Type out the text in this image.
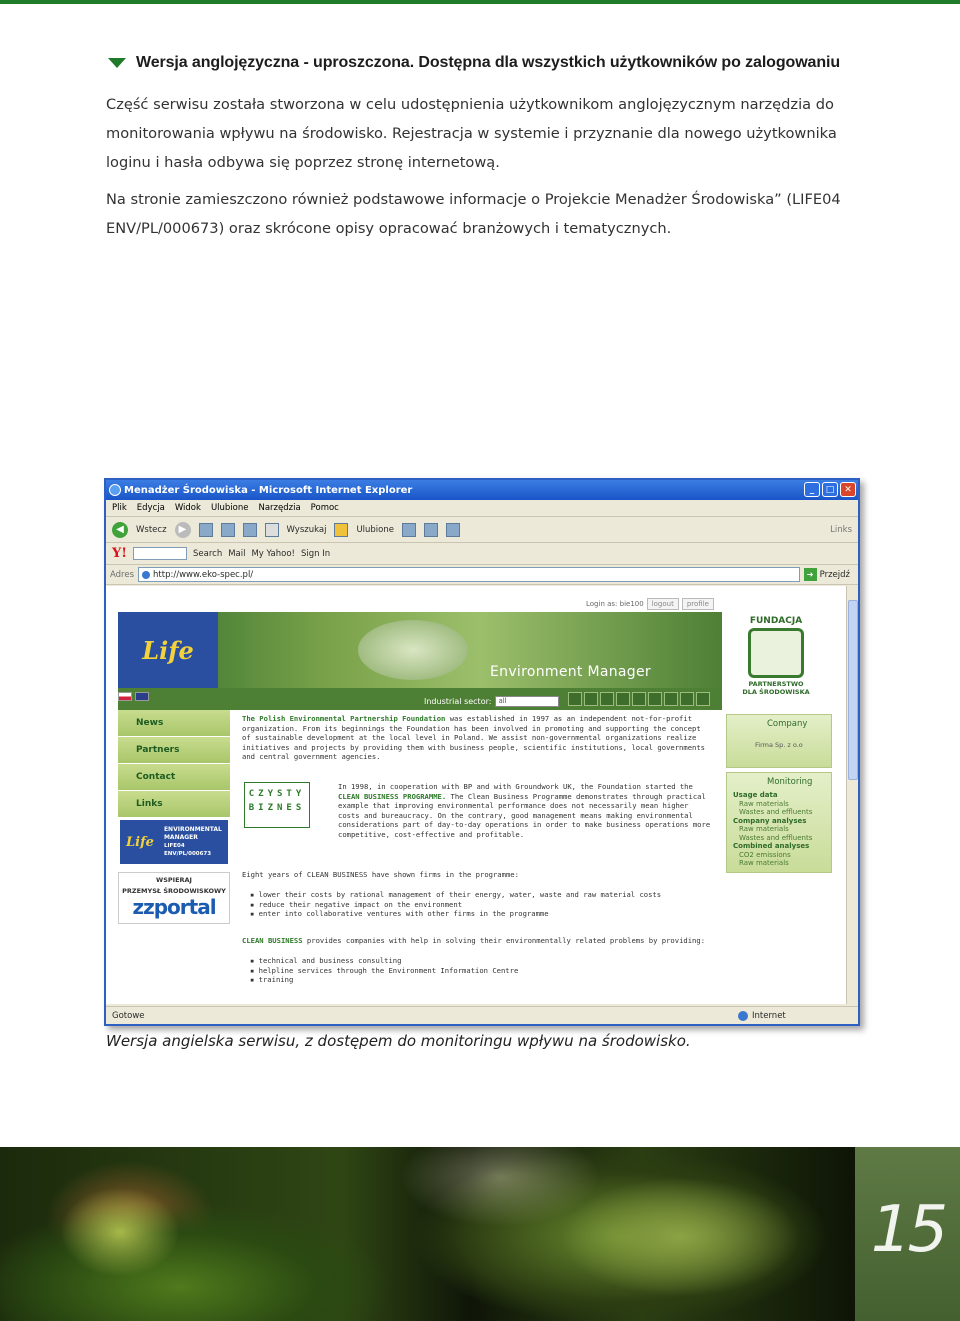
Wersja anglojęzyczna - uproszczona. Dostępna dla wszystkich użytkowników po zalogowaniu

Część serwisu została stworzona w celu udostępnienia użytkownikom anglojęzycznym narzędzia do monitorowania wpływu na środowisko. Rejestracja w systemie i przyznanie dla nowego użytkownika loginu i hasła odbywa się poprzez stronę internetową.

Na stronie zamieszczono również podstawowe informacje o Projekcie Menadżer Środowiska” (LIFE04 ENV/PL/000673) oraz skrócone opisy opracować branżowych i tematycznych.

Menadżer Środowiska - Microsoft Internet Explorer	_	□	✕
Plik Edycja Widok Ulubione Narzędzia Pomoc
◀	Wstecz	▶	Wyszukaj	Ulubione	Links
Y!	Search Mail My Yahoo! Sign In
Adres	http://www.eko-spec.pl/	➜ Przejdź
Login as: bie100	logout	profile
Life
Environment Manager
Industrial sector:	all
FUNDACJA
PARTNERSTWO
DLA ŚRODOWISKA
News
Partners
Contact
Links
Life
ENVIRONMENTAL
MANAGER
LIFE04
ENV/PL/000673
WSPIERAJ
PRZEMYSŁ ŚRODOWISKOWY
zzportal
The Polish Environmental Partnership Foundation was established in 1997 as an independent not-for-profit organization. From its beginnings the Foundation has been involved in promoting and supporting the concept of sustainable development at the local level in Poland. We assist non-governmental organizations realize initiatives and projects by providing them with business people, scientific institutions, local governments and central government agencies.
CZYSTY BIZNES
In 1998, in cooperation with BP and with Groundwork UK, the Foundation started the CLEAN BUSINESS PROGRAMME. The Clean Business Programme demonstrates through practical example that improving environmental performance does not necessarily mean higher costs and bureaucracy. On the contrary, good management means making environmental considerations part of day-to-day operations in order to make business operations more competitive, cost-effective and profitable.
Eight years of CLEAN BUSINESS have shown firms in the programme:
▪ lower their costs by rational management of their energy, water, waste and raw material costs
▪ reduce their negative impact on the environment
▪ enter into collaborative ventures with other firms in the programme
CLEAN BUSINESS provides companies with help in solving their environmentally related problems by providing:
▪ technical and business consulting
▪ helpline services through the Environment Information Centre
▪ training
Company
Firma Sp. z o.o
Monitoring
Usage data
Raw materials
Wastes and effluents
Company analyses
Raw materials
Wastes and effluents
Combined analyses
CO2 emissions
Raw materials
Gotowe	Internet
Wersja angielska serwisu, z dostępem do monitoringu wpływu na środowisko.
15
